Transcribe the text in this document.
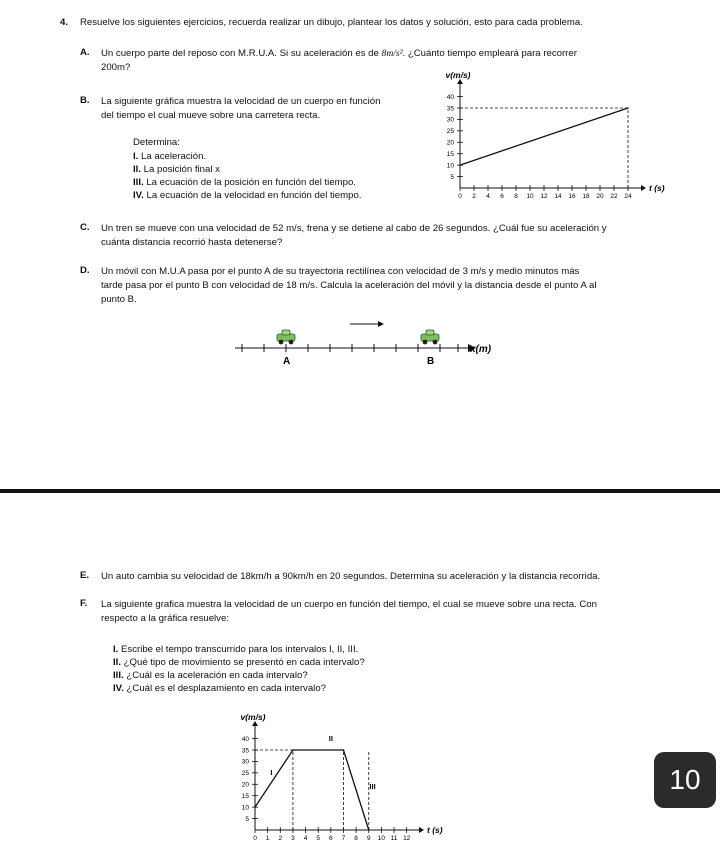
4. Resuelve los siguientes ejercicios, recuerda realizar un dibujo, plantear los datos y solución, esto para cada problema.
A. Un cuerpo parte del reposo con M.R.U.A. Si su aceleración es de 8m/s². ¿Cuánto tiempo empleará para recorrer
200m?
B. La siguiente gráfica muestra la velocidad de un cuerpo en función
del tiempo el cual mueve sobre una carretera recta.
Determina:
I. La aceleración.
II. La posición final x
III. La ecuación de la posición en función del tiempo.
IV. La ecuación de la velocidad en función del tiempo.	0 2 4 6 8 10 12 14 16 18 20 22 24
5
10
15
20
25
30
35
40
v(m/s)
t (s)
C. Un tren se mueve con una velocidad de 52 m/s, frena y se detiene al cabo de 26 segundos. ¿Cuál fue su aceleración y
cuánta distancia recorrió hasta detenerse?
D. Un móvil con M.U.A pasa por el punto A de su trayectoria rectilínea con velocidad de 3 m/s y medio minutos más
tarde pasa por el punto B con velocidad de 18 m/s. Calcula la aceleración del móvil y la distancia desde el punto A al
punto B.
A	B
x(m)
E. Un auto cambia su velocidad de 18km/h a 90km/h en 20 segundos. Determina su aceleración y la distancia recorrida.
F. La siguiente grafica muestra la velocidad de un cuerpo en función del tiempo, el cual se mueve sobre una recta. Con
respecto a la gráfica resuelve:
I. Escribe el tempo transcurrido para los intervalos I, II, III.
II. ¿Qué tipo de movimiento se presentó en cada intervalo?
III. ¿Cuál es la aceleración en cada intervalo?
IV. ¿Cuál es el desplazamiento en cada intervalo?
0 1 2 3 4 5 6 7 8 9 10 11 12
5
10
15
20
25
30
35
40
v(m/s)
t (s)
I
II
III	10
